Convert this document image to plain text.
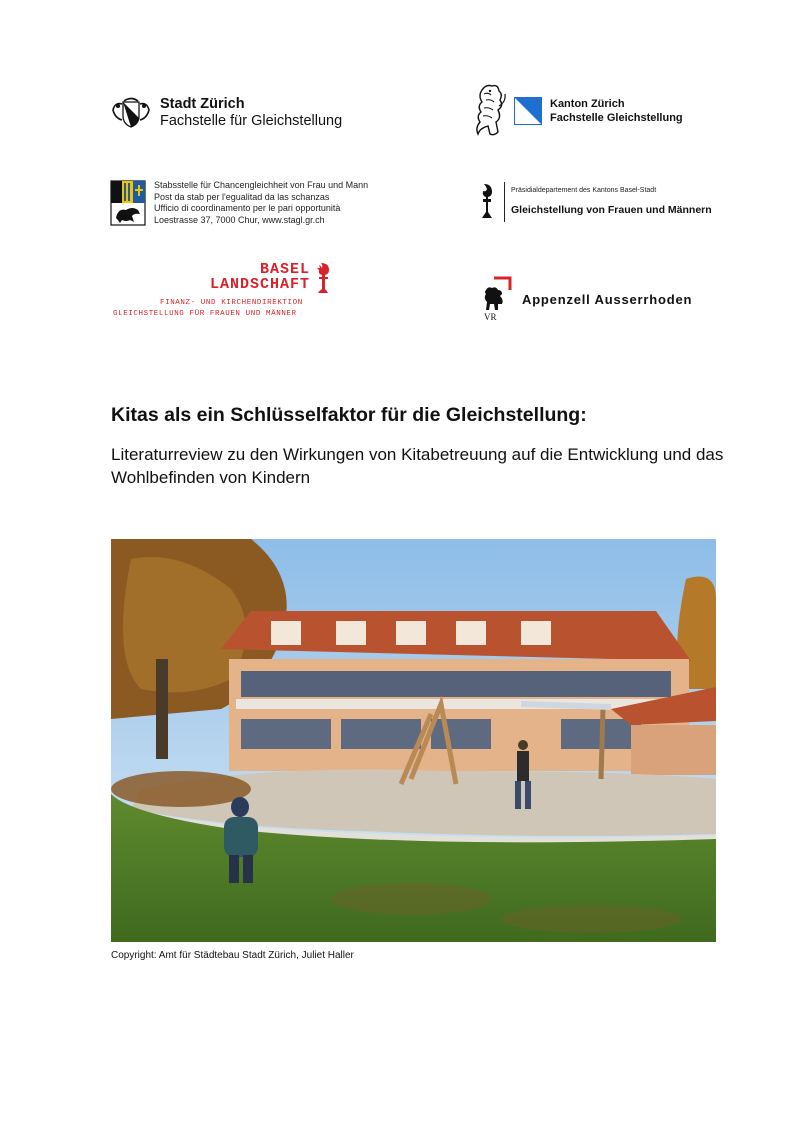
Stadt Zürich
Fachstelle für Gleichstellung
Kanton Zürich
Fachstelle Gleichstellung
Stabsstelle für Chancengleichheit von Frau und Mann
Post da stab per l'egualitad da las schanzas
Ufficio di coordinamento per le pari opportunità
Loestrasse 37, 7000 Chur, www.stagl.gr.ch
Präsidialdepartement des Kantons Basel-Stadt
Gleichstellung von Frauen und Männern
BASEL
LANDSCHAFT
FINANZ- UND KIRCHENDIREKTION
GLEICHSTELLUNG FÜR FRAUEN UND MÄNNER	VR
Appenzell Ausserrhoden
Kitas als ein Schlüsselfaktor für die Gleichstellung:
Literaturreview zu den Wirkungen von Kitabetreuung auf die Entwicklung und das Wohlbefinden von Kindern
Copyright: Amt für Städtebau Stadt Zürich, Juliet Haller
